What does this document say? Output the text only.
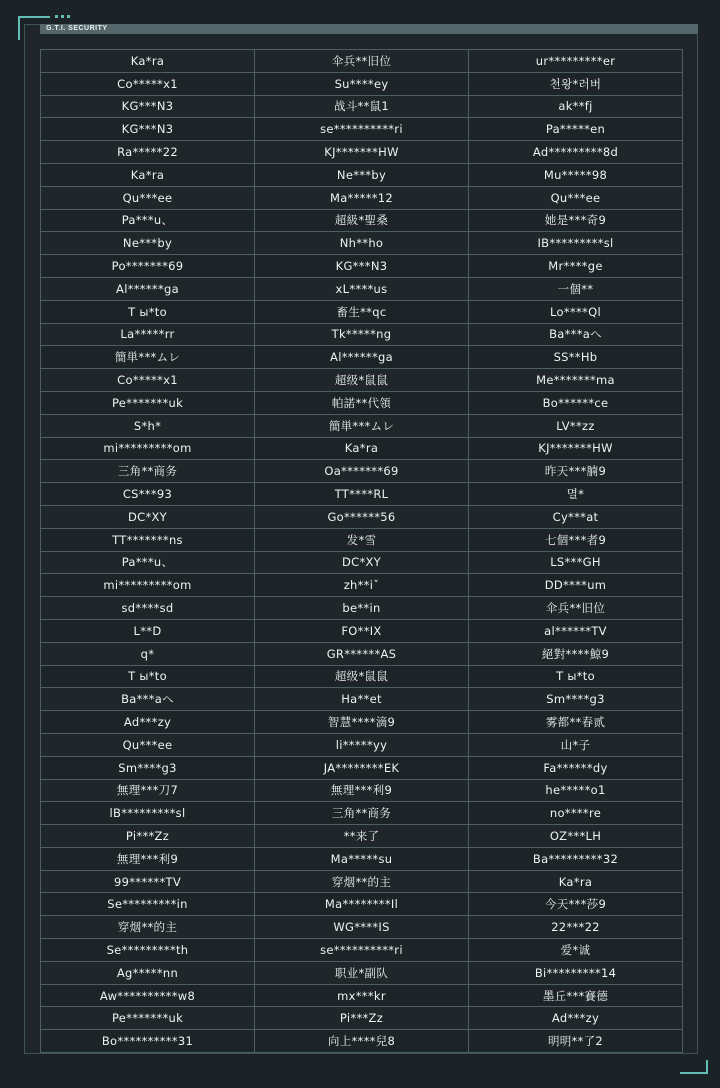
G.T.I. SECURITY
Ka*ra	伞兵**旧位	ur*********er
Co*****x1	Su****ey	천왕*러버
KG***N3	战斗**鼠1	ak**fj
KG***N3	se**********ri	Pa*****en
Ra*****22	KJ*******HW	Ad*********8d
Ka*ra	Ne***by	Mu*****98
Qu***ee	Ma*****12	Qu***ee
Pa***u、	超級*聖桑	她是***奇9
Ne***by	Nh**ho	IB*********sl
Po*******69	KG***N3	Mr****ge
Al******ga	xL****us	一個**
T ы*to	畜生**qc	Lo****Ql
La*****rr	Tk*****ng	Ba***aへ
簡単***ムレ	Al******ga	SS**Hb
Co*****x1	超级*鼠鼠	Me*******ma
Pe*******uk	帕諾**代領	Bo******ce
S*h*	簡単***ムレ	LV**zz
mi*********om	Ka*ra	KJ*******HW
三角**商务	Oa*******69	昨天***腩9
CS***93	TT****RL	멸*
DC*XY	Go******56	Cy***at
TT*******ns	发*雪	七個***者9
Pa***u、	DC*XY	LS***GH
mi*********om	zh**iˇ	DD****um
sd****sd	be**in	伞兵**旧位
L**D	FO**IX	al******TV
q*	GR******AS	絕對****鯨9
T ы*to	超级*鼠鼠	T ы*to
Ba***aへ	Ha**et	Sm****g3
Ad***zy	智慧****滴9	雾都**春贰
Qu***ee	li*****yy	山*子
Sm****g3	JA********EK	Fa******dy
無理***刀7	無理***利9	he*****o1
lB*********sl	三角**商务	no****re
Pi***Zz	**来了	OZ***LH
無理***利9	Ma*****su	Ba*********32
99******TV	穿烟**的主	Ka*ra
Se*********in	Ma********Il	今天***莎9
穿烟**的主	WG****IS	22***22
Se*********th	se**********ri	爱*诚
Ag*****nn	职业*副队	Bi*********14
Aw**********w8	mx***kr	墨丘***賽德
Pe*******uk	Pi***Zz	Ad***zy
Bo**********31	向上****兒8	明明**了2
